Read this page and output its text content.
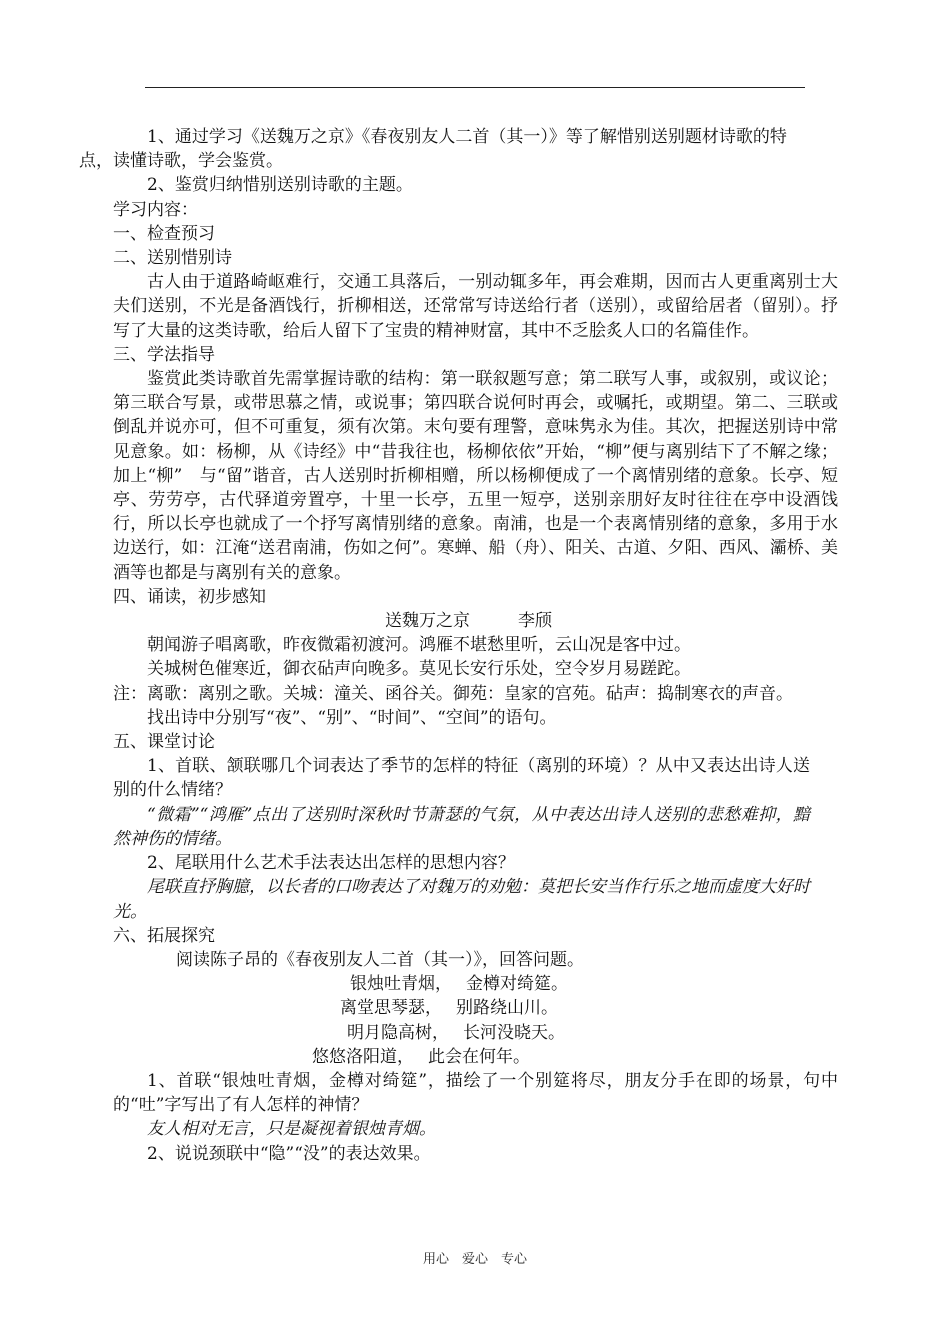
1、通过学习《送魏万之京》《春夜别友人二首（其一）》等了解惜别送别题材诗歌的特
点，读懂诗歌，学会鉴赏。

2、鉴赏归纳惜别送别诗歌的主题。

学习内容：

一、检查预习

二、送别惜别诗

古人由于道路崎岖难行，交通工具落后，一别动辄多年，再会难期，因而古人更重离别士大夫们送别，不光是备酒饯行，折柳相送，还常常写诗送给行者（送别），或留给居者（留别）。抒写了大量的这类诗歌，给后人留下了宝贵的精神财富，其中不乏脍炙人口的名篇佳作。

三、学法指导

鉴赏此类诗歌首先需掌握诗歌的结构：第一联叙题写意；第二联写人事，或叙别，或议论；第三联合写景，或带思慕之情，或说事；第四联合说何时再会，或嘱托，或期望。第二、三联或倒乱并说亦可，但不可重复，须有次第。末句要有理警，意味隽永为佳。其次，把握送别诗中常见意象。如：杨柳，从《诗经》中“昔我往也，杨柳依依”开始，“柳”便与离别结下了不解之缘；加上“柳”　与“留”谐音，古人送别时折柳相赠，所以杨柳便成了一个离情别绪的意象。长亭、短亭、劳劳亭，古代驿道旁置亭，十里一长亭，五里一短亭，送别亲朋好友时往往在亭中设酒饯行，所以长亭也就成了一个抒写离情别绪的意象。南浦，也是一个表离情别绪的意象，多用于水边送行，如：江淹“送君南浦，伤如之何”。寒蝉、船（舟）、阳关、古道、夕阳、西风、灞桥、美酒等也都是与离别有关的意象。

四、诵读，初步感知

送魏万之京	李颀

朝闻游子唱离歌，昨夜微霜初渡河。鸿雁不堪愁里听，云山况是客中过。

关城树色催寒近，御衣砧声向晚多。莫见长安行乐处，空令岁月易蹉跎。

注：离歌：离别之歌。关城：潼关、函谷关。御苑：皇家的宫苑。砧声：捣制寒衣的声音。

找出诗中分别写“夜”、“别”、“时间”、“空间”的语句。

五、课堂讨论

1、首联、颔联哪几个词表达了季节的怎样的特征（离别的环境）？从中又表达出诗人送别的什么情绪？

“微霜”“鸿雁”点出了送别时深秋时节萧瑟的气氛，从中表达出诗人送别的悲愁难抑，黯然神伤的情绪。

2、尾联用什么艺术手法表达出怎样的思想内容？

尾联直抒胸臆，以长者的口吻表达了对魏万的劝勉：莫把长安当作行乐之地而虚度大好时光。

六、拓展探究

阅读陈子昂的《春夜别友人二首（其一）》，回答问题。

银烛吐青烟， 金樽对绮筵。

离堂思琴瑟， 别路绕山川。

明月隐高树， 长河没晓天。

悠悠洛阳道， 此会在何年。

1、首联“银烛吐青烟，金樽对绮筵”，描绘了一个别筵将尽，朋友分手在即的场景，句中的“吐”字写出了有人怎样的神情？

友人相对无言，只是凝视着银烛青烟。

2、说说颈联中“隐”“没”的表达效果。

用心　爱心　专心
